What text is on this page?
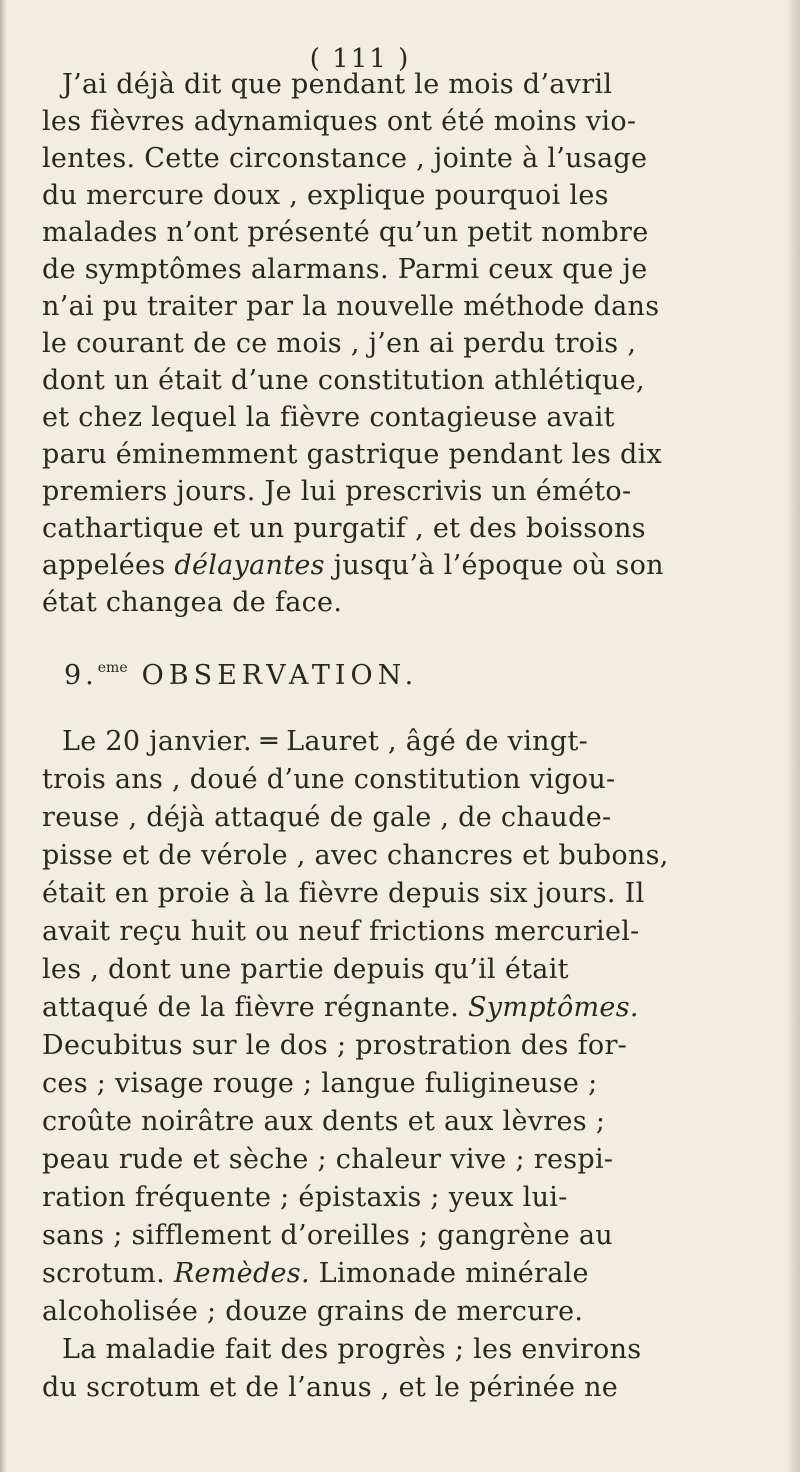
( 111 )
J’ai déjà dit que pendant le mois d’avril
les fièvres adynamiques ont été moins vio-
lentes. Cette circonstance , jointe à l’usage
du mercure doux , explique pourquoi les
malades n’ont présenté qu’un petit nombre
de symptômes alarmans. Parmi ceux que je
n’ai pu traiter par la nouvelle méthode dans
le courant de ce mois , j’en ai perdu trois ,
dont un était d’une constitution athlétique,
et chez lequel la fièvre contagieuse avait
paru éminemment gastrique pendant les dix
premiers jours. Je lui prescrivis un éméto-
cathartique et un purgatif , et des boissons
appelées délayantes jusqu’à l’époque où son
état changea de face.
9.$^{eme}$ OBSERVATION.
Le 20 janvier. ═ Lauret , âgé de vingt-
trois ans , doué d’une constitution vigou-
reuse , déjà attaqué de gale , de chaude-
pisse et de vérole , avec chancres et bubons,
était en proie à la fièvre depuis six jours. Il
avait reçu huit ou neuf frictions mercuriel-
les , dont une partie depuis qu’il était
attaqué de la fièvre régnante. Symptômes.
Decubitus sur le dos ; prostration des for-
ces ; visage rouge ; langue fuligineuse ;
croûte noirâtre aux dents et aux lèvres ;
peau rude et sèche ; chaleur vive ; respi-
ration fréquente ; épistaxis ; yeux lui-
sans ; sifflement d’oreilles ; gangrène au
scrotum. Remèdes. Limonade minérale
alcoholisée ; douze grains de mercure.
La maladie fait des progrès ; les environs
du scrotum et de l’anus , et le périnée ne
